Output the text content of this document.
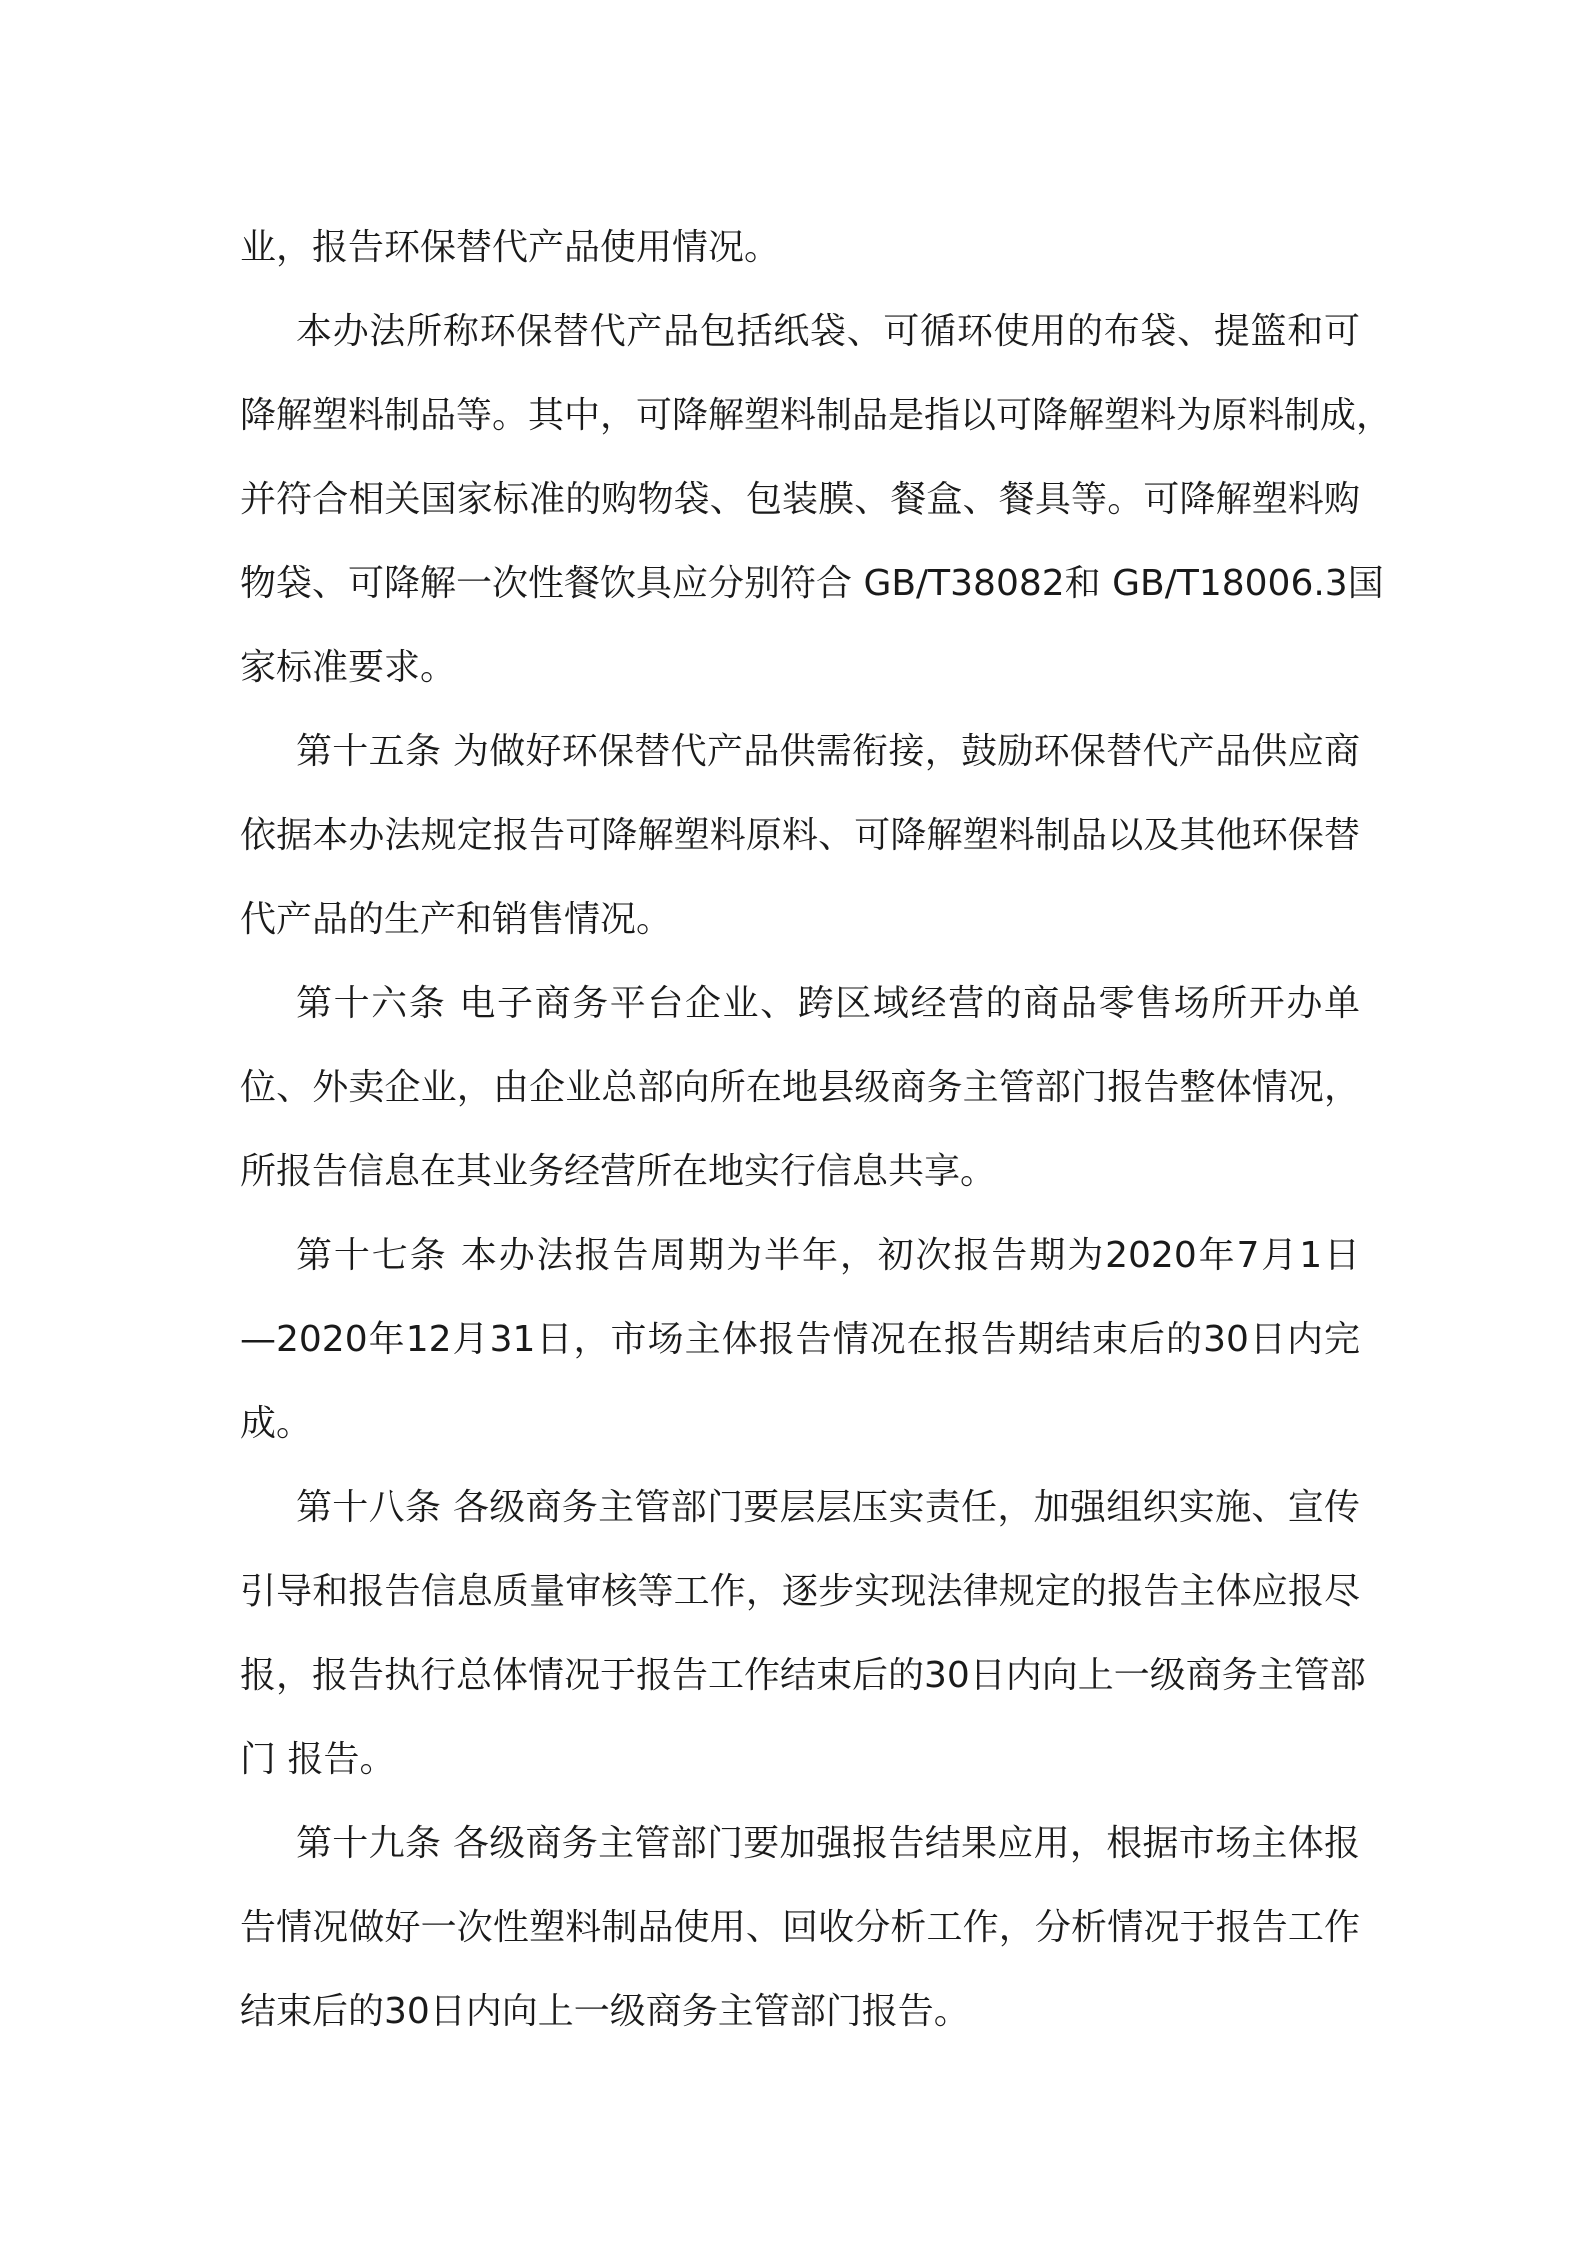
业，报告环保替代产品使用情况。

本办法所称环保替代产品包括纸袋、可循环使用的布袋、提篮和可

降解塑料制品等。其中，可降解塑料制品是指以可降解塑料为原料制成，

并符合相关国家标准的购物袋、包装膜、餐盒、餐具等。可降解塑料购

物袋、可降解一次性餐饮具应分别符合 GB/T38082和 GB/T18006.3国

家标准要求。

第十五条 为做好环保替代产品供需衔接，鼓励环保替代产品供应商

依据本办法规定报告可降解塑料原料、可降解塑料制品以及其他环保替

代产品的生产和销售情况。

第十六条 电子商务平台企业、跨区域经营的商品零售场所开办单

位、外卖企业，由企业总部向所在地县级商务主管部门报告整体情况，

所报告信息在其业务经营所在地实行信息共享。

第十七条 本办法报告周期为半年，初次报告期为2020年7月1日

—2020年12月31日，市场主体报告情况在报告期结束后的30日内完

成。

第十八条 各级商务主管部门要层层压实责任，加强组织实施、宣传

引导和报告信息质量审核等工作，逐步实现法律规定的报告主体应报尽

报，报告执行总体情况于报告工作结束后的30日内向上一级商务主管部

门 报告。

第十九条 各级商务主管部门要加强报告结果应用，根据市场主体报

告情况做好一次性塑料制品使用、回收分析工作，分析情况于报告工作

结束后的30日内向上一级商务主管部门报告。
